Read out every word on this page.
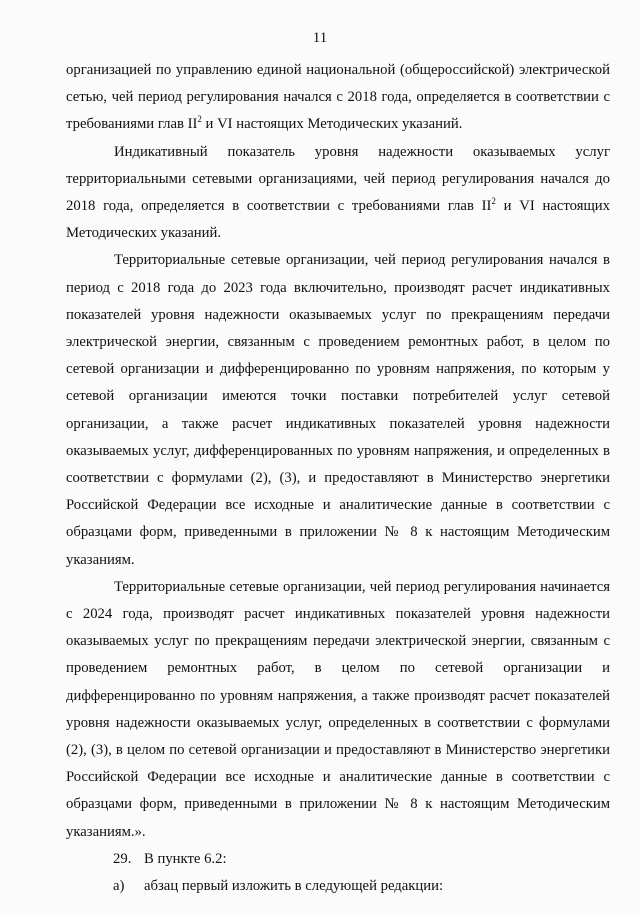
11

организацией по управлению единой национальной (общероссийской) электрической сетью, чей период регулирования начался с 2018 года, определяется в соответствии с требованиями глав $II^2$ и VI настоящих Методических указаний.

Индикативный показатель уровня надежности оказываемых услуг территориальными сетевыми организациями, чей период регулирования начался до 2018 года, определяется в соответствии с требованиями глав $II^2$ и VI настоящих Методических указаний.

Территориальные сетевые организации, чей период регулирования начался в период с 2018 года до 2023 года включительно, производят расчет индикативных показателей уровня надежности оказываемых услуг по прекращениям передачи электрической энергии, связанным с проведением ремонтных работ, в целом по сетевой организации и дифференцированно по уровням напряжения, по которым у сетевой организации имеются точки поставки потребителей услуг сетевой организации, а также расчет индикативных показателей уровня надежности оказываемых услуг, дифференцированных по уровням напряжения, и определенных в соответствии с формулами (2), (3), и предоставляют в Министерство энергетики Российской Федерации все исходные и аналитические данные в соответствии с образцами форм, приведенными в приложении № 8 к настоящим Методическим указаниям.

Территориальные сетевые организации, чей период регулирования начинается с 2024 года, производят расчет индикативных показателей уровня надежности оказываемых услуг по прекращениям передачи электрической энергии, связанным с проведением ремонтных работ, в целом по сетевой организации и дифференцированно по уровням напряжения, а также производят расчет показателей уровня надежности оказываемых услуг, определенных в соответствии с формулами (2), (3), в целом по сетевой организации и предоставляют в Министерство энергетики Российской Федерации все исходные и аналитические данные в соответствии с образцами форм, приведенными в приложении № 8 к настоящим Методическим указаниям.».

29. В пункте 6.2:
а)	абзац первый изложить в следующей редакции:
